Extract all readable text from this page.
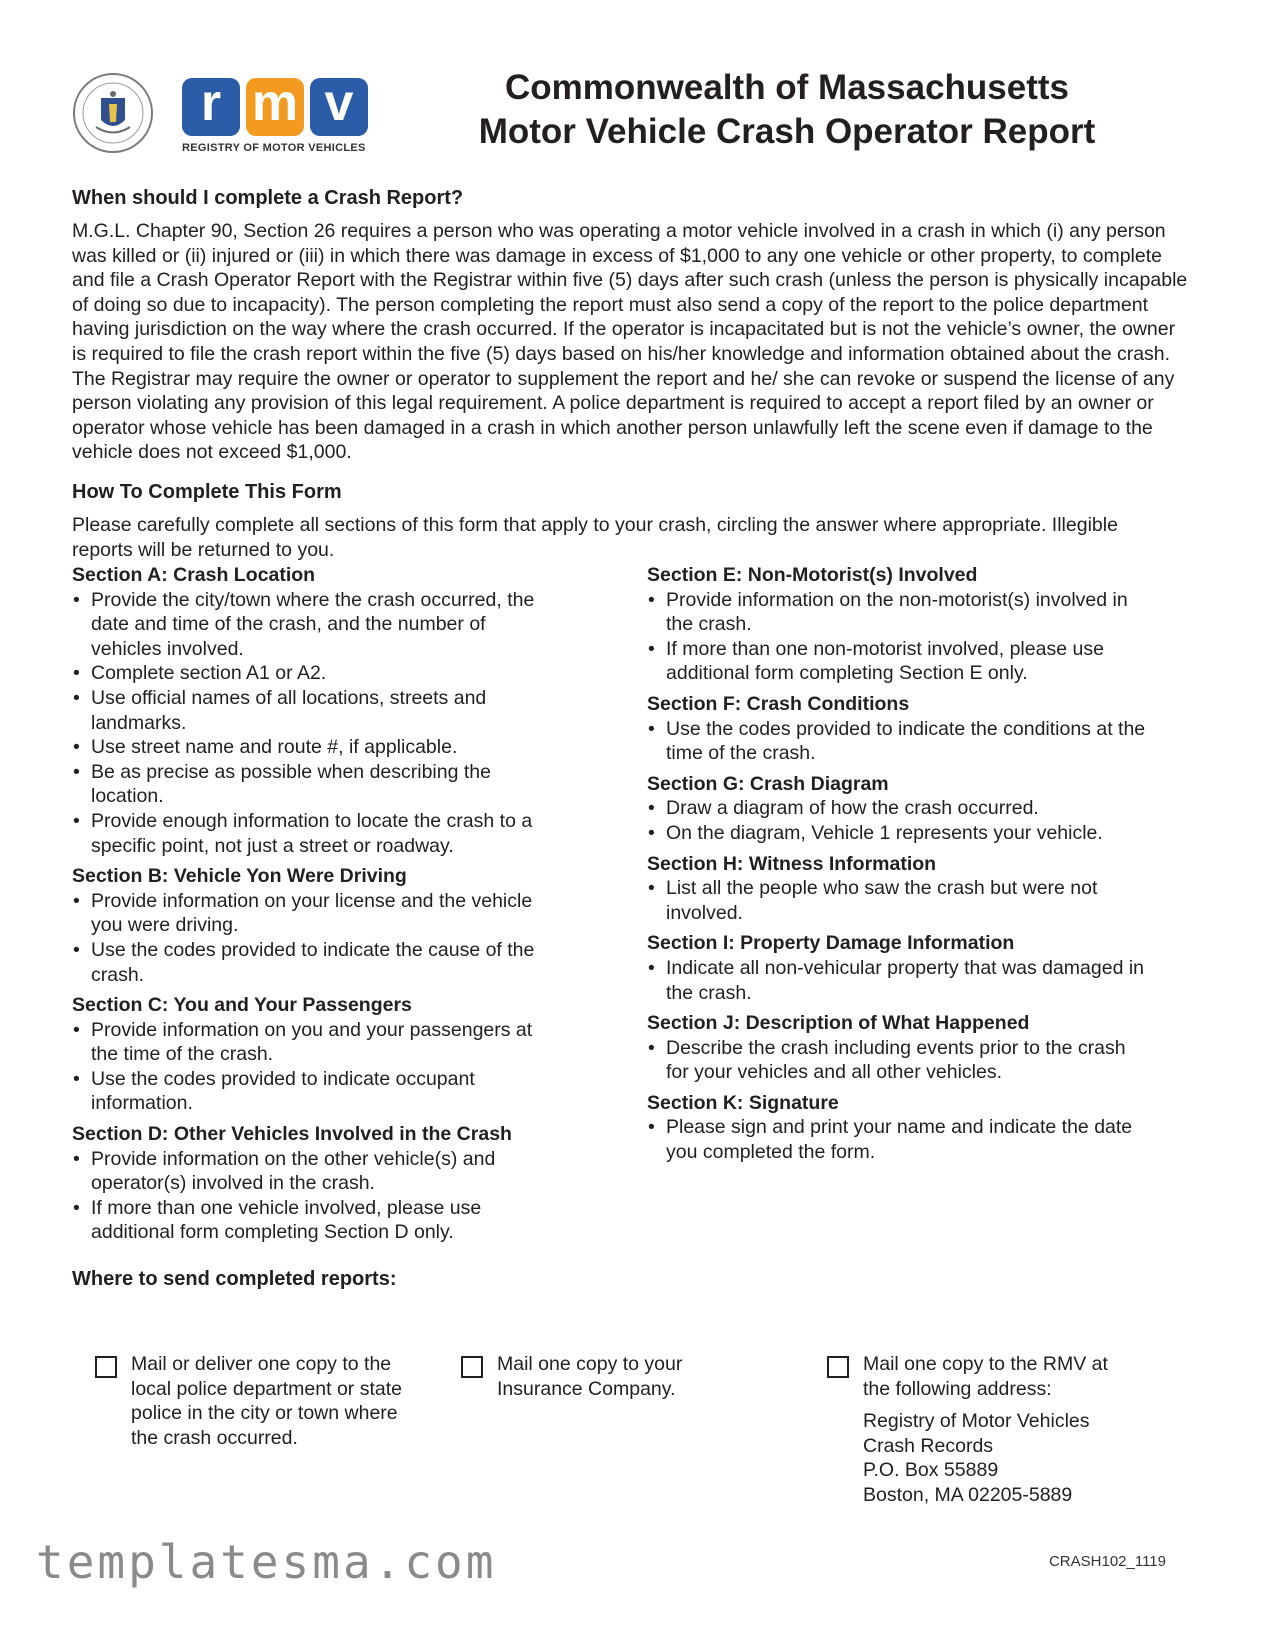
r m v
REGISTRY OF MOTOR VEHICLES
Commonwealth of Massachusetts
Motor Vehicle Crash Operator Report
When should I complete a Crash Report?
M.G.L. Chapter 90, Section 26 requires a person who was operating a motor vehicle involved in a crash in which (i) any person was killed or (ii) injured or (iii) in which there was damage in excess of $1,000 to any one vehicle or other property, to complete and file a Crash Operator Report with the Registrar within five (5) days after such crash (unless the person is physically incapable of doing so due to incapacity). The person completing the report must also send a copy of the report to the police department having jurisdiction on the way where the crash occurred. If the operator is incapacitated but is not the vehicle’s owner, the owner is required to file the crash report within the five (5) days based on his/her knowledge and information obtained about the crash. The Registrar may require the owner or operator to supplement the report and he/ she can revoke or suspend the license of any person violating any provision of this legal requirement. A police department is required to accept a report filed by an owner or operator whose vehicle has been damaged in a crash in which another person unlawfully left the scene even if damage to the vehicle does not exceed $1,000.
How To Complete This Form
Please carefully complete all sections of this form that apply to your crash, circling the answer where appropriate. Illegible reports will be returned to you.
Section A: Crash Location
• Provide the city/town where the crash occurred, the date and time of the crash, and the number of vehicles involved.
• Complete section A1 or A2.
• Use official names of all locations, streets and landmarks.
• Use street name and route #, if applicable.
• Be as precise as possible when describing the location.
• Provide enough information to locate the crash to a specific point, not just a street or roadway.
Section B: Vehicle Yon Were Driving
• Provide information on your license and the vehicle you were driving.
• Use the codes provided to indicate the cause of the crash.
Section C: You and Your Passengers
• Provide information on you and your passengers at the time of the crash.
• Use the codes provided to indicate occupant information.
Section D: Other Vehicles Involved in the Crash
• Provide information on the other vehicle(s) and operator(s) involved in the crash.
• If more than one vehicle involved, please use additional form completing Section D only.
Section E: Non-Motorist(s) Involved
• Provide information on the non-motorist(s) involved in the crash.
• If more than one non-motorist involved, please use additional form completing Section E only.
Section F: Crash Conditions
• Use the codes provided to indicate the conditions at the time of the crash.
Section G: Crash Diagram
• Draw a diagram of how the crash occurred.
• On the diagram, Vehicle 1 represents your vehicle.
Section H: Witness Information
• List all the people who saw the crash but were not involved.
Section I: Property Damage Information
• Indicate all non-vehicular property that was damaged in the crash.
Section J: Description of What Happened
• Describe the crash including events prior to the crash for your vehicles and all other vehicles.
Section K: Signature
• Please sign and print your name and indicate the date you completed the form.
Where to send completed reports:
Mail or deliver one copy to the local police department or state police in the city or town where the crash occurred.
Mail one copy to your Insurance Company.
Mail one copy to the RMV at the following address:
Registry of Motor Vehicles
Crash Records
P.O. Box 55889
Boston, MA 02205-5889
templatesma.com	CRASH102_1119
